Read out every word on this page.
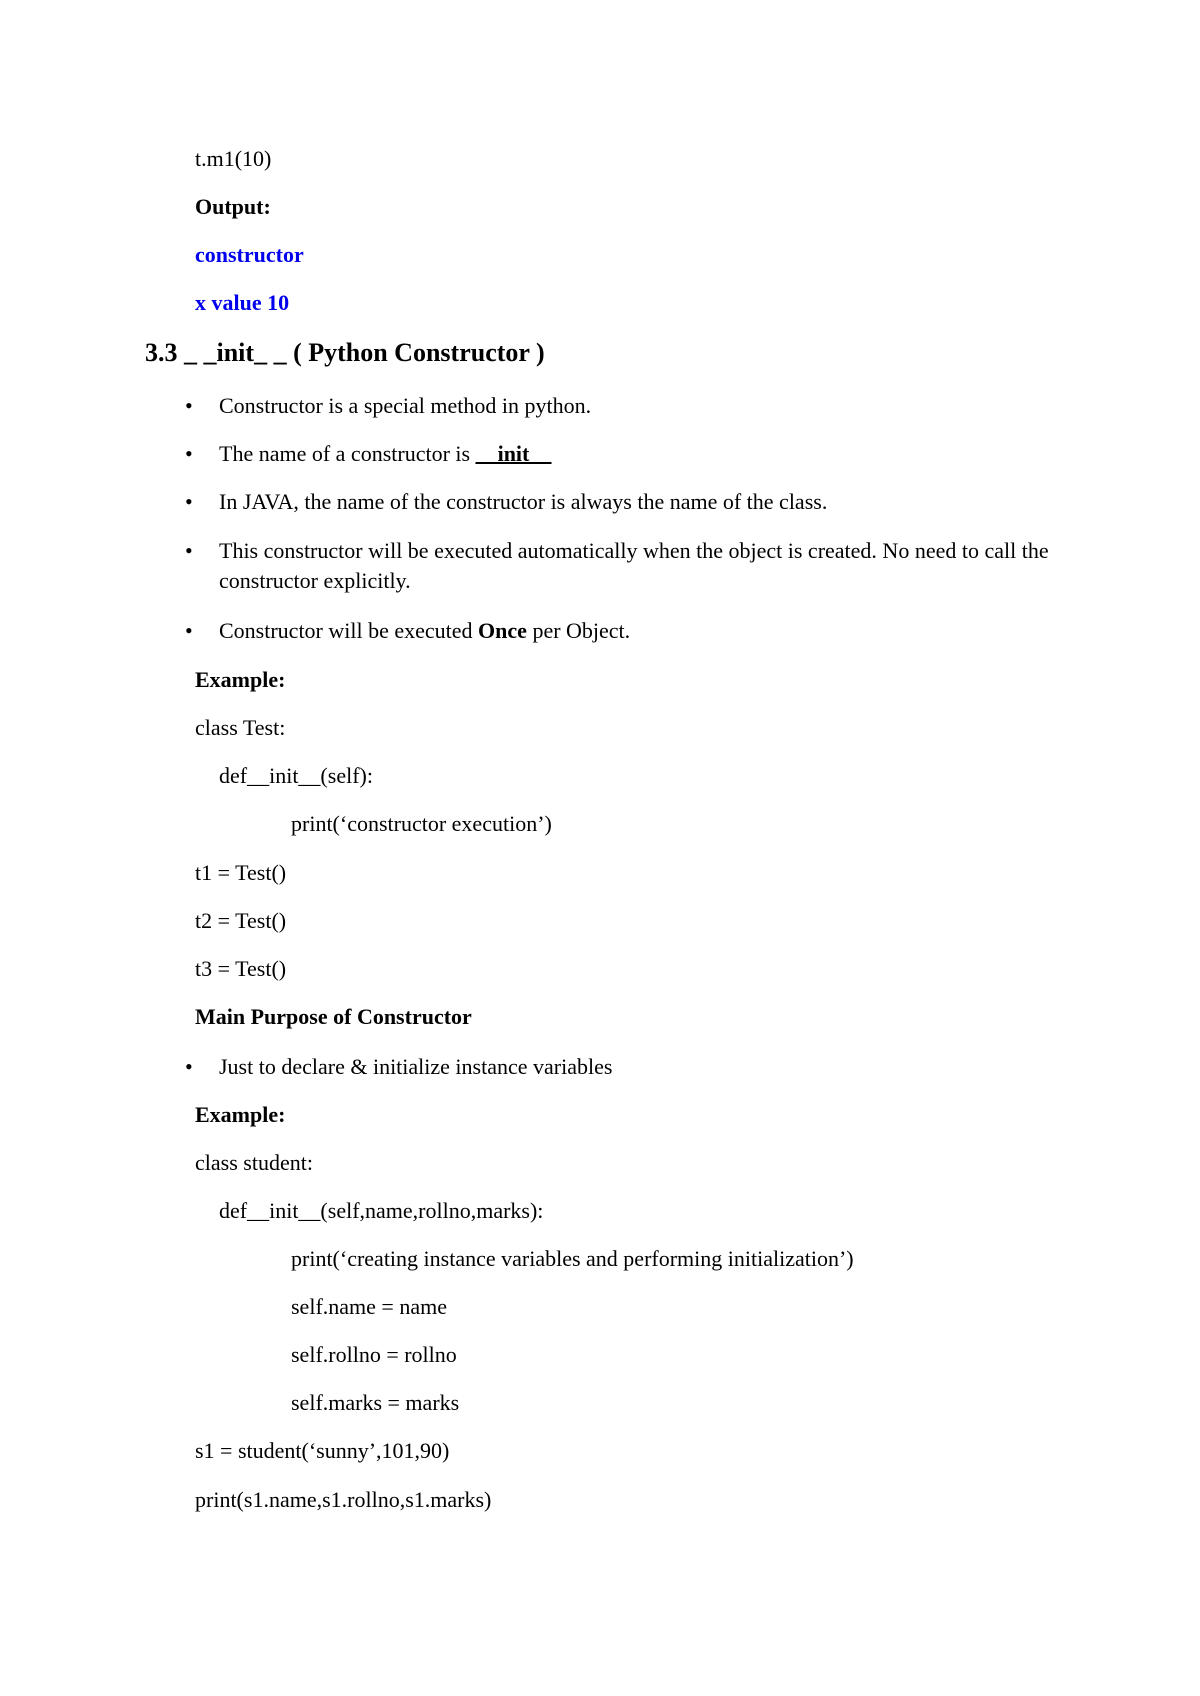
t.m1(10)

Output:

constructor

x value 10

3.3 _ _init_ _ ( Python Constructor )

• Constructor is a special method in python.

• The name of a constructor is __init__

• In JAVA, the name of the constructor is always the name of the class.

• This constructor will be executed automatically when the object is created. No need to call the constructor explicitly.

• Constructor will be executed Once per Object.

Example:

class Test:

def__init__(self):

print(‘constructor execution’)

t1 = Test()

t2 = Test()

t3 = Test()

Main Purpose of Constructor

• Just to declare & initialize instance variables

Example:

class student:

def__init__(self,name,rollno,marks):

print(‘creating instance variables and performing initialization’)

self.name = name

self.rollno = rollno

self.marks = marks

s1 = student(‘sunny’,101,90)

print(s1.name,s1.rollno,s1.marks)
